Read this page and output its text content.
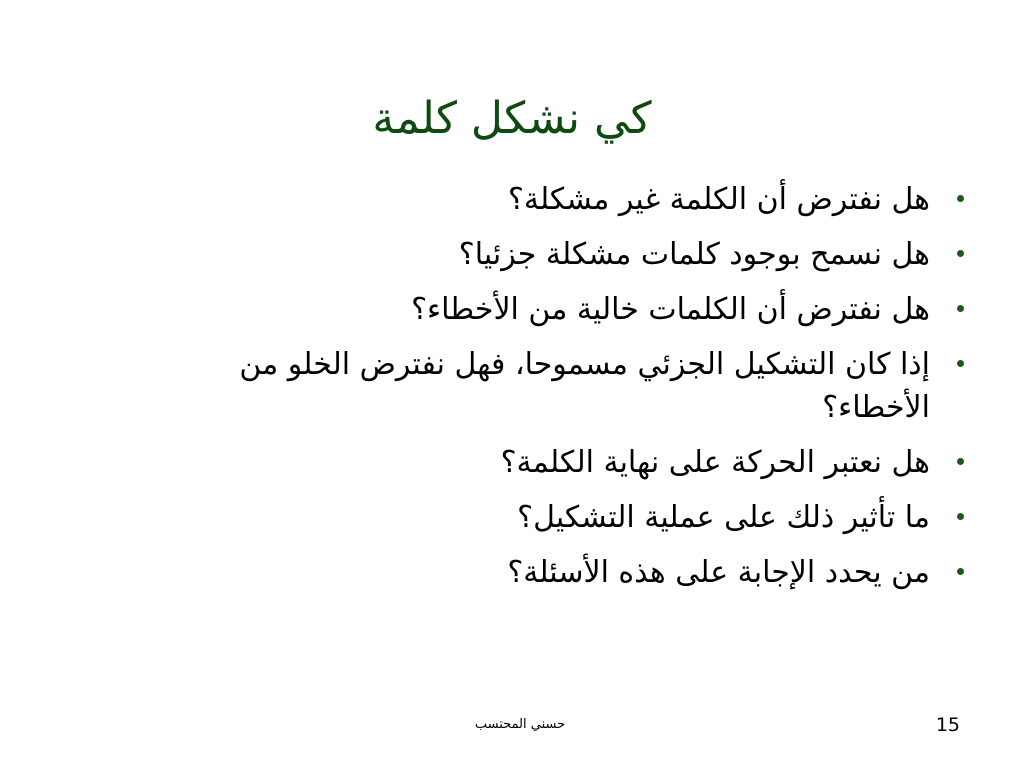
كي نشكل كلمة
هل نفترض أن الكلمة غير مشكلة؟
هل نسمح بوجود كلمات مشكلة جزئيا؟
هل نفترض أن الكلمات خالية من الأخطاء؟
إذا كان التشكيل الجزئي مسموحا، فهل نفترض الخلو من الأخطاء؟
هل نعتبر الحركة على نهاية الكلمة؟
ما تأثير ذلك على عملية التشكيل؟
من يحدد الإجابة على هذه الأسئلة؟
حسني المحتسب	15
